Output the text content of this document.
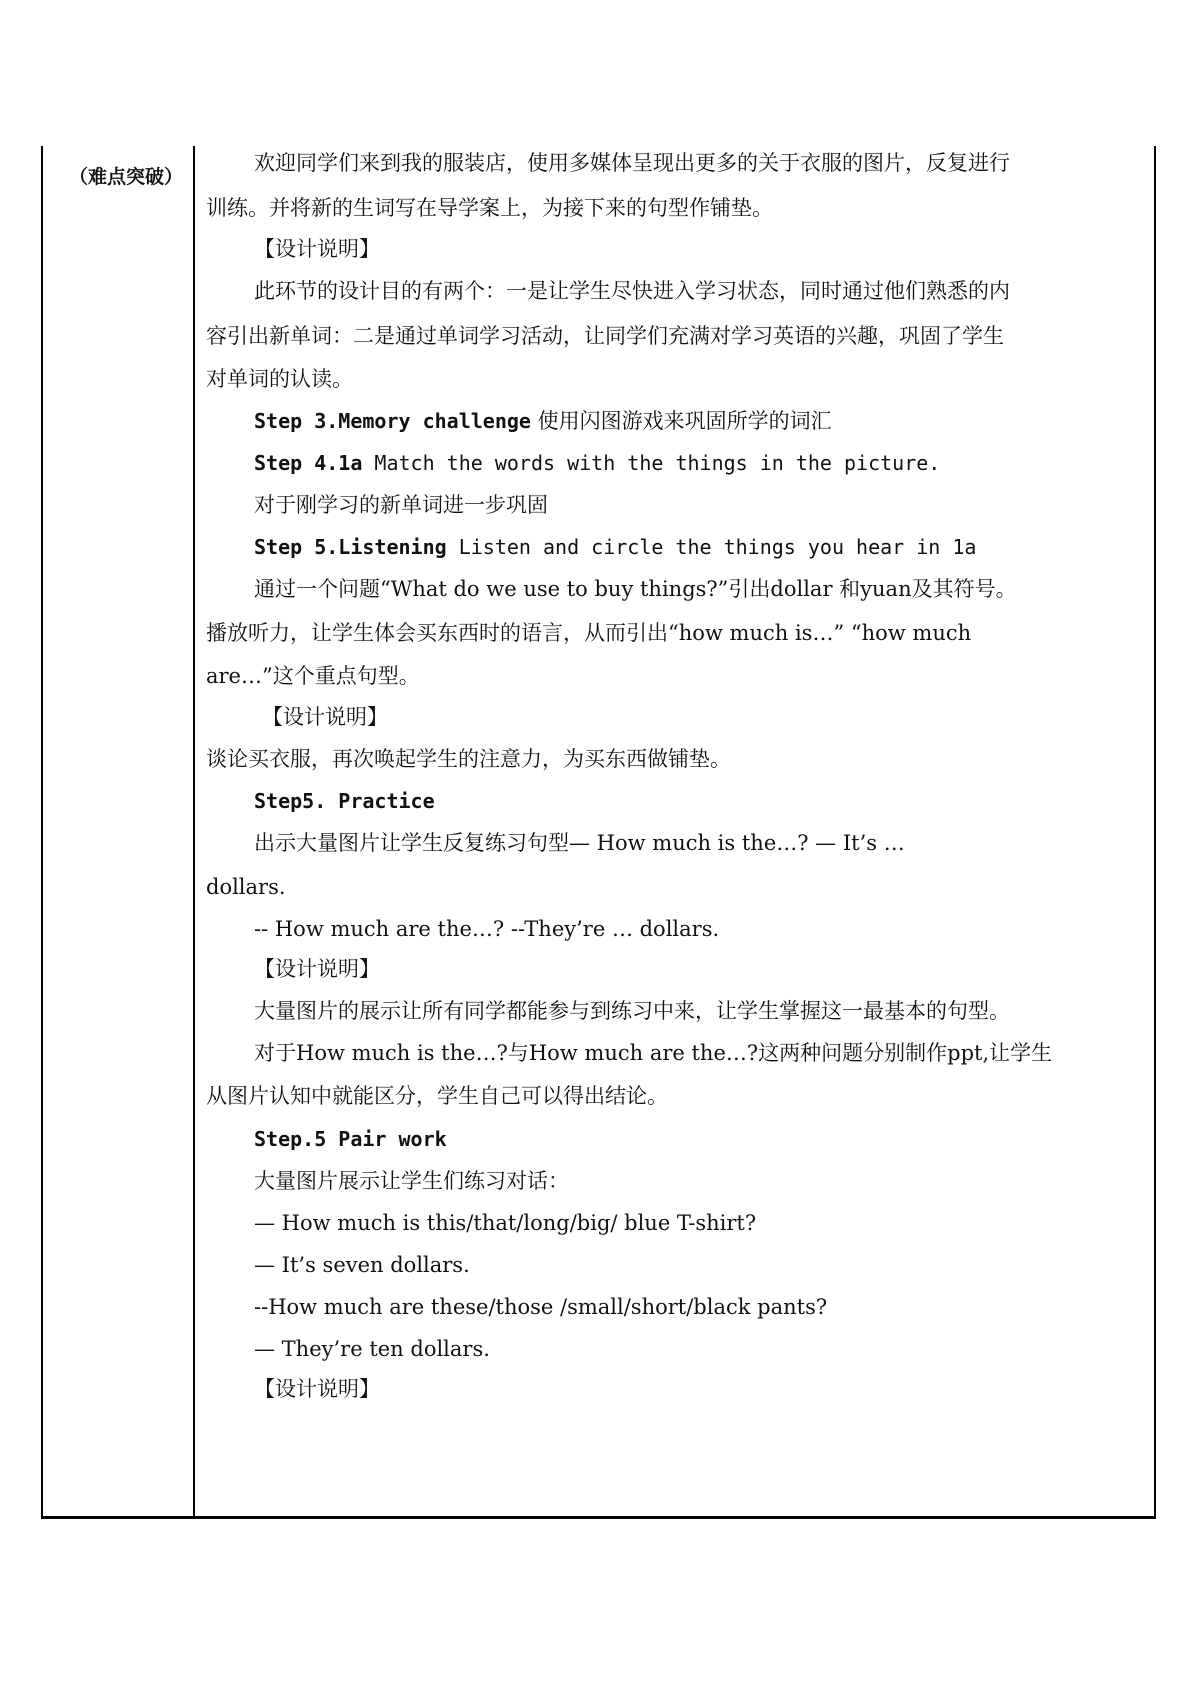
（难点突破）
欢迎同学们来到我的服装店，使用多媒体呈现出更多的关于衣服的图片，反复进行
训练。并将新的生词写在导学案上，为接下来的句型作铺垫。
【设计说明】
此环节的设计目的有两个：一是让学生尽快进入学习状态，同时通过他们熟悉的内
容引出新单词：二是通过单词学习活动，让同学们充满对学习英语的兴趣，巩固了学生
对单词的认读。
Step 3.Memory challenge 使用闪图游戏来巩固所学的词汇
Step 4.1a Match the words with the things in the picture.
对于刚学习的新单词进一步巩固
Step 5.Listening Listen and circle the things you hear in 1a
通过一个问题“What do we use to buy things?”引出dollar 和yuan及其符号。
播放听力，让学生体会买东西时的语言，从而引出“how much is…” “how much
are…”这个重点句型。
【设计说明】
谈论买衣服，再次唤起学生的注意力，为买东西做铺垫。
Step5. Practice
出示大量图片让学生反复练习句型— How much is the…? — It’s …
dollars.
-- How much are the…? --They’re … dollars.
【设计说明】
大量图片的展示让所有同学都能参与到练习中来，让学生掌握这一最基本的句型。
对于How much is the…?与How much are the…?这两种问题分别制作ppt,让学生
从图片认知中就能区分，学生自己可以得出结论。
Step.5 Pair work
大量图片展示让学生们练习对话：
— How much is this/that/long/big/ blue T-shirt?
— It’s seven dollars.
--How much are these/those /small/short/black pants?
— They’re ten dollars.
【设计说明】
